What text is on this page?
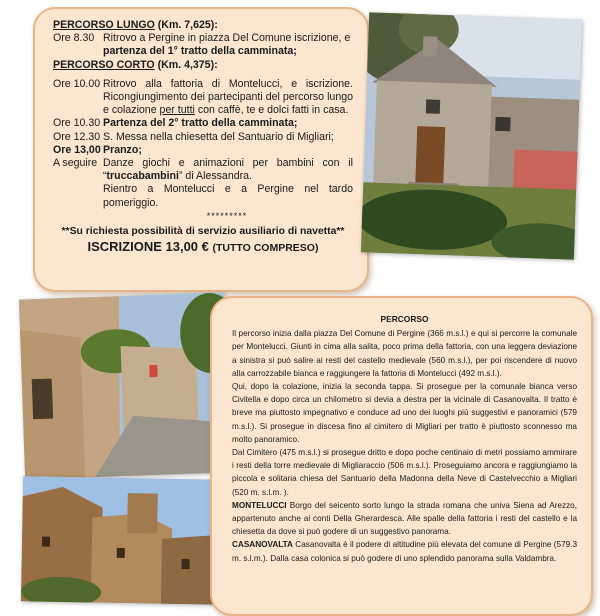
PERCORSO LUNGO (Km. 7,625):
Ore 8.30 Ritrovo a Pergine in piazza Del Comune iscrizione, e
partenza del 1° tratto della camminata;
PERCORSO CORTO (Km. 4,375):
Ore 10.00 Ritrovo alla fattoria di Montelucci, e iscrizione. Ricongiungimento dei partecipanti del percorso lungo e colazione per tutti con caffè, te e dolci fatti in casa.
Ore 10.30 Partenza del 2° tratto della camminata;
Ore 12.30 S. Messa nella chiesetta del Santuario di Migliari;
Ore 13,00 Pranzo;
A seguire Danze giochi e animazioni per bambini con il “truccabambini” di Alessandra.
Rientro a Montelucci e a Pergine nel tardo pomeriggio.
*********
**Su richiesta possibilità di servizio ausiliario di navetta**
ISCRIZIONE 13,00 € (TUTTO COMPRESO)
PERCORSO

Il percorso inizia dalla piazza Del Comune di Pergine (366 m.s.l.) e qui si percorre la comunale per Montelucci. Giunti in cima alla salita, poco prima della fattoria, con una leggera deviazione a sinistra si può salire ai resti del castello medievale (560 m.s.l.), per poi riscendere di nuovo alla carrozzabile bianca e raggiungere la fattoria di Montelucci (492 m.s.l.).

Qui, dopo la colazione, inizia la seconda tappa. Si prosegue per la comunale bianca verso Civitella e dopo circa un chilometro si devia a destra per la vicinale di Casanovalta. Il tratto è breve ma piuttosto impegnativo e conduce ad uno dei luoghi più suggestivi e panoramici (579 m.s.l.). Si prosegue in discesa fino al cimitero di Migliari per tratto è piuttosto sconnesso ma molto panoramico.

Dal Cimitero (475 m.s.l.) si prosegue dritto e dopo poche centinaio di metri possiamo ammirare i resti della torre medievale di Migliaraccio (506 m.s.l.). Proseguiamo ancora e raggiungiamo la piccola e solitaria chiesa del Santuario della Madonna della Neve di Castelvecchio a Migliari (520 m. s.l.m. ).

MONTELUCCI Borgo del seicento sorto lungo la strada romana che univa Siena ad Arezzo, appartenuto anche ai conti Della Gherardesca. Alle spalle della fattoria i resti del castello e la chiesetta da dove si può godere di un suggestivo panorama.

CASANOVALTA Casanovalta è il podere di altitudine più elevata del comune di Pergine (579.3 m. s.l.m.). Dalla casa colonica si può godere di uno splendido panorama sulla Valdambra.
